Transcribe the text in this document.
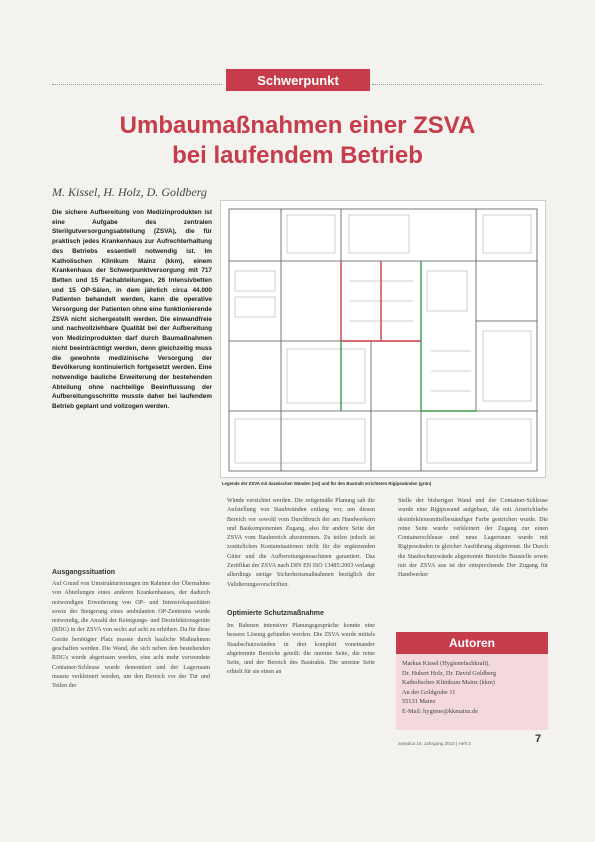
Schwerpunkt
Umbaumaßnahmen einer ZSVA
bei laufendem Betrieb
M. Kissel, H. Holz, D. Goldberg
Die sichere Aufbereitung von Medizinprodukten ist eine Aufgabe des zentralen Sterilgutversorgungsabteilung (ZSVA), die für praktisch jedes Krankenhaus zur Aufrechterhaltung des Betriebs essentiell notwendig ist. Im Katholischen Klinikum Mainz (kkm), einem Krankenhaus der Schwerpunktversorgung mit 717 Betten und 15 Fachabteilungen, 26 Intensivbetten und 15 OP-Sälen, in dem jährlich circa 44.000 Patienten behandelt werden, kann die operative Versorgung der Patienten ohne eine funktionierende ZSVA nicht sichergestellt werden. Die einwandfreie und nachvollziehbare Qualität bei der Aufbereitung von Medizinprodukten darf durch Baumaßnahmen nicht beeinträchtigt werden, denn gleichzeitig muss die gewohnte medizinische Versorgung der Bevölkerung kontinuierlich fortgesetzt werden. Eine notwendige bauliche Erweiterung der bestehenden Abteilung ohne nachteilige Beeinflussung der Aufbereitungsschritte musste daher bei laufendem Betrieb geplant und vollzogen werden.
Legende der ZSVA mit dazwischen Wänden (rot) und für den Bautrakt errichteten Rigipswänden (grün)
Ausgangssituation
Auf Grund von Umstrukturierungen im Rahmen der Übernahme von Abteilungen eines anderen Krankenhauses, der dadurch notwendigen Erweiterung von OP- und Intensivkapazitäten sowie der Steigerung eines ambulanten OP-Zentrums wurde notwendig, die Anzahl der Reinigungs- und Desinfektionsgeräte (RDG) in der ZSVA von sechs auf acht zu erhöhen. Da für diese Geräte benötigter Platz musste durch bauliche Maßnahmen geschaffen werden. Die Wand, die sich neben den bestehenden RDG's wurde abgerissen werden, eine acht mehr verwendete Container-Schleuse wurde demontiert und der Lagerraum musste verkleinert werden, um den Bereich vor der Tür und Teilen der
Wände verzichtet werden. Die zeitgemäße Planung sah die Aufstellung von Staubwänden entlang vor, um diesen Bereich vor sowohl vom Durchbruch der am Handwerkern und Baukomponenten Zugang, also für andere Seite der ZSVA vom Baubereich abzutrennen. Zu teilen jedoch ist zusätzlichen Kontaminationen nicht für die ergänzenden Güter und die Aufbereitungsmaschinen garantiert. Das Zertifikat der ZSVA nach DIN EN ISO 13485:2003 verlangt allerdings stetige Sicherheitsmaßnahmen bezüglich der Validierungsvorschriften.
Optimierte Schutzmaßnahme
Im Rahmen intensiver Planungsgespräche konnte eine bessere Lösung gefunden werden. Die ZSVA wurde mittels Staubschutzwänden in drei komplett voneinander abgetrennte Bereiche geteilt: die unreine Seite, die reine Seite, und der Bereich des Bautrakts. Die unreine Seite erhielt für sie einen an
Stelle der bisherigen Wand und der Container-Schleuse wurde eine Rigipswand aufgebaut, die mit Anstrichfarbe desinfektionsmittelbeständiger Farbe gestrichen wurde. Die reine Seite wurde verkleinert der Zugang zur einen Containerschleuse und neue Lagerraum wurde mit Rigipswänden in gleicher Ausführung abgetrennt. Ihr Durch die Staubschutzwände abgetrennte Bereiche Baustelle sowie mit der ZSVA aus ist der entsprechende Der Zugang für Handwerker
Autoren
Markus Kissel (Hygienefachkraft),
Dr. Hubert Holz, Dr. David Goldberg
Katholisches Klinikum Mainz (kkm)
An der Goldgrube 11
55131 Mainz
E-Mail: hygiene@kkmainz.de
aseptica 16. Jahrgang 2010 | Heft 3	7
